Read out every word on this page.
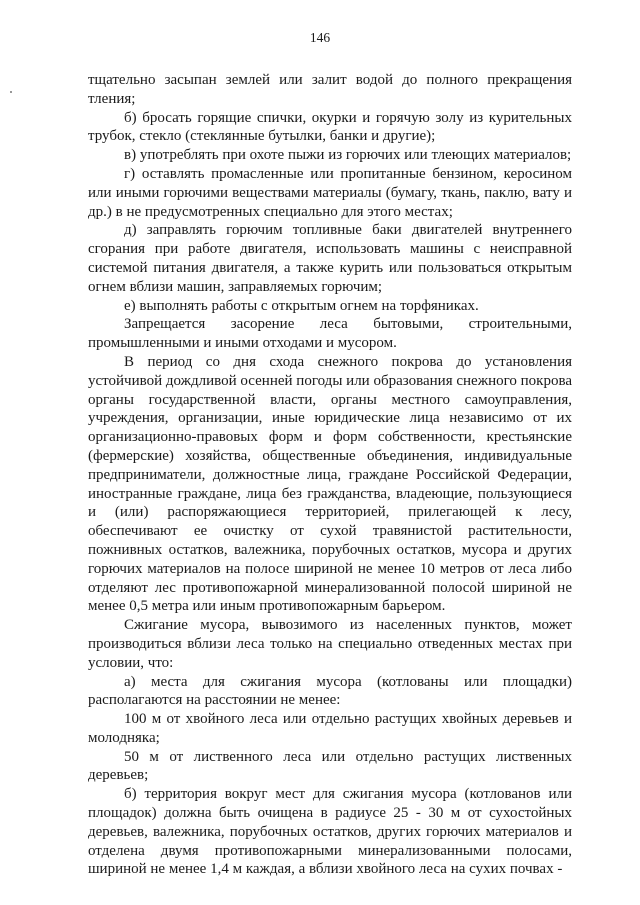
146

тщательно засыпан землей или залит водой до полного прекращения тления;

б) бросать горящие спички, окурки и горячую золу из курительных трубок, стекло (стеклянные бутылки, банки и другие);

в) употреблять при охоте пыжи из горючих или тлеющих материалов;

г) оставлять промасленные или пропитанные бензином, керосином или иными горючими веществами материалы (бумагу, ткань, паклю, вату и др.) в не предусмотренных специально для этого местах;

д) заправлять горючим топливные баки двигателей внутреннего сгорания при работе двигателя, использовать машины с неисправной системой питания двигателя, а также курить или пользоваться открытым огнем вблизи машин, заправляемых горючим;

е) выполнять работы с открытым огнем на торфяниках.

Запрещается засорение леса бытовыми, строительными, промышленными и иными отходами и мусором.

В период со дня схода снежного покрова до установления устойчивой дождливой осенней погоды или образования снежного покрова органы государственной власти, органы местного самоуправления, учреждения, организации, иные юридические лица независимо от их организационно-правовых форм и форм собственности, крестьянские (фермерские) хозяйства, общественные объединения, индивидуальные предприниматели, должностные лица, граждане Российской Федерации, иностранные граждане, лица без гражданства, владеющие, пользующиеся и (или) распоряжающиеся территорией, прилегающей к лесу, обеспечивают ее очистку от сухой травянистой растительности, пожнивных остатков, валежника, порубочных остатков, мусора и других горючих материалов на полосе шириной не менее 10 метров от леса либо отделяют лес противопожарной минерализованной полосой шириной не менее 0,5 метра или иным противопожарным барьером.

Сжигание мусора, вывозимого из населенных пунктов, может производиться вблизи леса только на специально отведенных местах при условии, что:

а) места для сжигания мусора (котлованы или площадки) располагаются на расстоянии не менее:

100 м от хвойного леса или отдельно растущих хвойных деревьев и молодняка;

50 м от лиственного леса или отдельно растущих лиственных деревьев;

б) территория вокруг мест для сжигания мусора (котлованов или площадок) должна быть очищена в радиусе 25 - 30 м от сухостойных деревьев, валежника, порубочных остатков, других горючих материалов и отделена двумя противопожарными минерализованными полосами, шириной не менее 1,4 м каждая, а вблизи хвойного леса на сухих почвах -
